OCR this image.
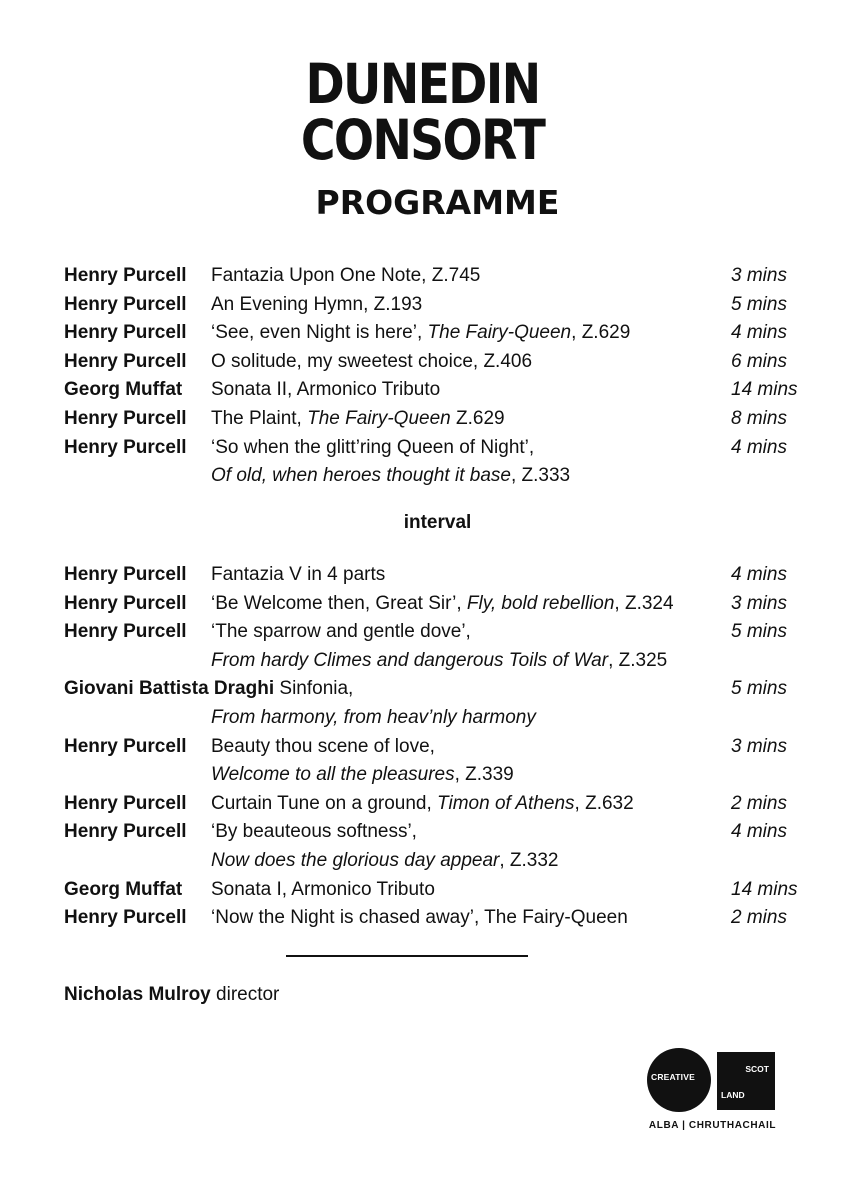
DUNEDIN
CONSORT
PROGRAMME
Henry Purcell Fantazia Upon One Note, Z.745	3 mins
Henry Purcell An Evening Hymn, Z.193	5 mins
Henry Purcell ‘See, even Night is here’, The Fairy-Queen, Z.629	4 mins
Henry Purcell O solitude, my sweetest choice, Z.406	6 mins
Georg Muffat Sonata II, Armonico Tributo	14 mins
Henry Purcell The Plaint, The Fairy-Queen Z.629	8 mins
Henry Purcell ‘So when the glitt’ring Queen of Night’,	4 mins
Of old, when heroes thought it base, Z.333
interval
Henry Purcell Fantazia V in 4 parts	4 mins
Henry Purcell ‘Be Welcome then, Great Sir’, Fly, bold rebellion, Z.324	3 mins
Henry Purcell ‘The sparrow and gentle dove’,	5 mins
From hardy Climes and dangerous Toils of War, Z.325
Giovani Battista Draghi Sinfonia,	5 mins
From harmony, from heav’nly harmony
Henry Purcell Beauty thou scene of love,	3 mins
Welcome to all the pleasures, Z.339
Henry Purcell Curtain Tune on a ground, Timon of Athens, Z.632	2 mins
Henry Purcell ‘By beauteous softness’,	4 mins
Now does the glorious day appear, Z.332
Georg Muffat Sonata I, Armonico Tributo	14 mins
Henry Purcell ‘Now the Night is chased away’, The Fairy-Queen	2 mins
Nicholas Mulroy director
CREATIVE
SCOT
LAND
ALBA | CHRUTHACHAIL
